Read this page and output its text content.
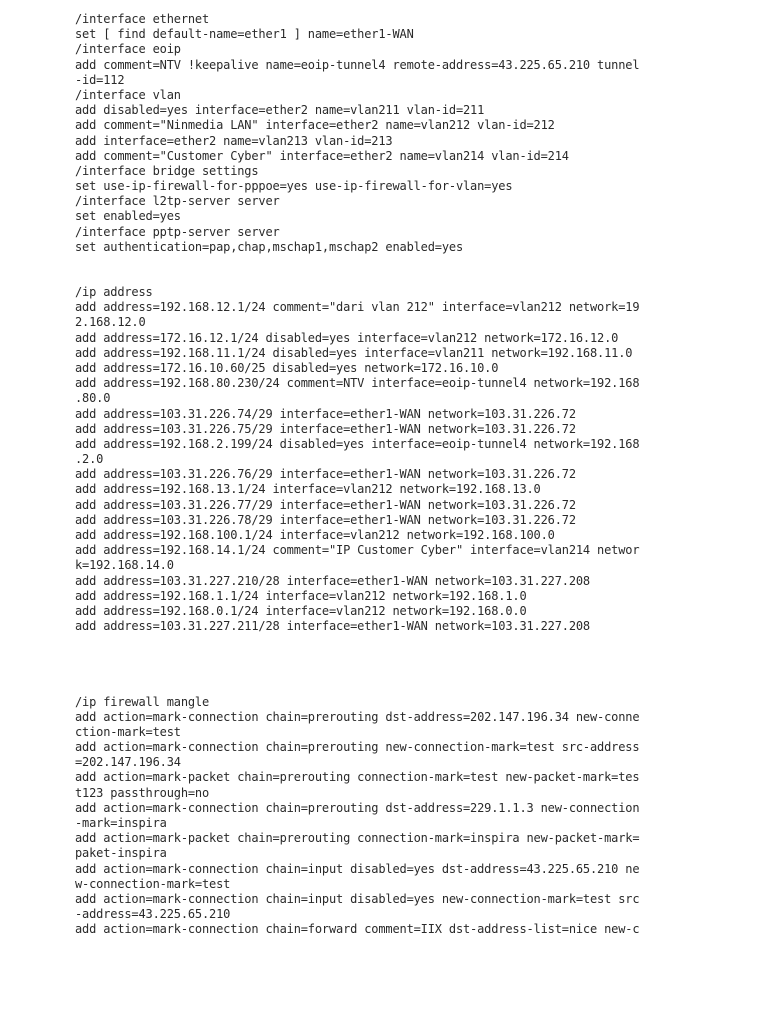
/interface ethernet
set [ find default-name=ether1 ] name=ether1-WAN
/interface eoip
add comment=NTV !keepalive name=eoip-tunnel4 remote-address=43.225.65.210 tunnel
-id=112
/interface vlan
add disabled=yes interface=ether2 name=vlan211 vlan-id=211
add comment="Ninmedia LAN" interface=ether2 name=vlan212 vlan-id=212
add interface=ether2 name=vlan213 vlan-id=213
add comment="Customer Cyber" interface=ether2 name=vlan214 vlan-id=214
/interface bridge settings
set use-ip-firewall-for-pppoe=yes use-ip-firewall-for-vlan=yes
/interface l2tp-server server
set enabled=yes
/interface pptp-server server
set authentication=pap,chap,mschap1,mschap2 enabled=yes
/ip address
add address=192.168.12.1/24 comment="dari vlan 212" interface=vlan212 network=19
2.168.12.0
add address=172.16.12.1/24 disabled=yes interface=vlan212 network=172.16.12.0
add address=192.168.11.1/24 disabled=yes interface=vlan211 network=192.168.11.0
add address=172.16.10.60/25 disabled=yes network=172.16.10.0
add address=192.168.80.230/24 comment=NTV interface=eoip-tunnel4 network=192.168
.80.0
add address=103.31.226.74/29 interface=ether1-WAN network=103.31.226.72
add address=103.31.226.75/29 interface=ether1-WAN network=103.31.226.72
add address=192.168.2.199/24 disabled=yes interface=eoip-tunnel4 network=192.168
.2.0
add address=103.31.226.76/29 interface=ether1-WAN network=103.31.226.72
add address=192.168.13.1/24 interface=vlan212 network=192.168.13.0
add address=103.31.226.77/29 interface=ether1-WAN network=103.31.226.72
add address=103.31.226.78/29 interface=ether1-WAN network=103.31.226.72
add address=192.168.100.1/24 interface=vlan212 network=192.168.100.0
add address=192.168.14.1/24 comment="IP Customer Cyber" interface=vlan214 networ
k=192.168.14.0
add address=103.31.227.210/28 interface=ether1-WAN network=103.31.227.208
add address=192.168.1.1/24 interface=vlan212 network=192.168.1.0
add address=192.168.0.1/24 interface=vlan212 network=192.168.0.0
add address=103.31.227.211/28 interface=ether1-WAN network=103.31.227.208
/ip firewall mangle
add action=mark-connection chain=prerouting dst-address=202.147.196.34 new-conne
ction-mark=test
add action=mark-connection chain=prerouting new-connection-mark=test src-address
=202.147.196.34
add action=mark-packet chain=prerouting connection-mark=test new-packet-mark=tes
t123 passthrough=no
add action=mark-connection chain=prerouting dst-address=229.1.1.3 new-connection
-mark=inspira
add action=mark-packet chain=prerouting connection-mark=inspira new-packet-mark=
paket-inspira
add action=mark-connection chain=input disabled=yes dst-address=43.225.65.210 ne
w-connection-mark=test
add action=mark-connection chain=input disabled=yes new-connection-mark=test src
-address=43.225.65.210
add action=mark-connection chain=forward comment=IIX dst-address-list=nice new-c
